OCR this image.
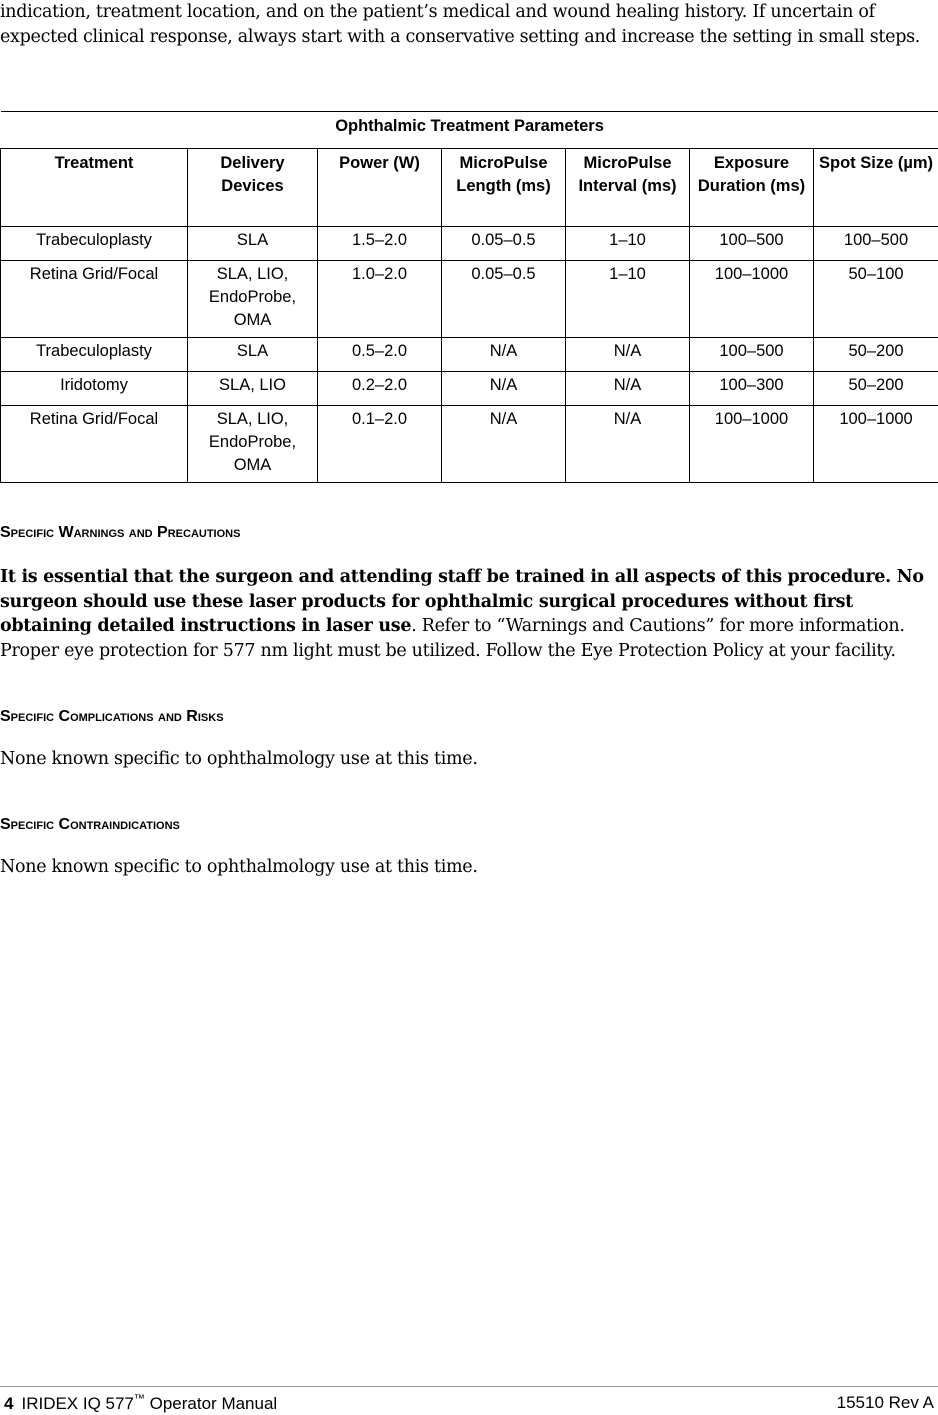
indication, treatment location, and on the patient’s medical and wound healing history. If uncertain of expected clinical response, always start with a conservative setting and increase the setting in small steps.

Ophthalmic Treatment Parameters						
Treatment	Delivery Devices	Power (W)	MicroPulse Length (ms)	MicroPulse Interval (ms)	Exposure Duration (ms)	Spot Size (µm)
Trabeculoplasty	SLA	1.5–2.0	0.05–0.5	1–10	100–500	100–500
Retina Grid/Focal	SLA, LIO, EndoProbe, OMA	1.0–2.0	0.05–0.5	1–10	100–1000	50–100
Trabeculoplasty	SLA	0.5–2.0	N/A	N/A	100–500	50–200
Iridotomy	SLA, LIO	0.2–2.0	N/A	N/A	100–300	50–200
Retina Grid/Focal	SLA, LIO, EndoProbe, OMA	0.1–2.0	N/A	N/A	100–1000	100–1000
Specific Warnings and Precautions

It is essential that the surgeon and attending staff be trained in all aspects of this procedure. No surgeon should use these laser products for ophthalmic surgical procedures without first obtaining detailed instructions in laser use. Refer to “Warnings and Cautions” for more information. Proper eye protection for 577 nm light must be utilized. Follow the Eye Protection Policy at your facility.

Specific Complications and Risks

None known specific to ophthalmology use at this time.

Specific Contraindications

None known specific to ophthalmology use at this time.

4 IRIDEX IQ 577™ Operator Manual	15510 Rev A
